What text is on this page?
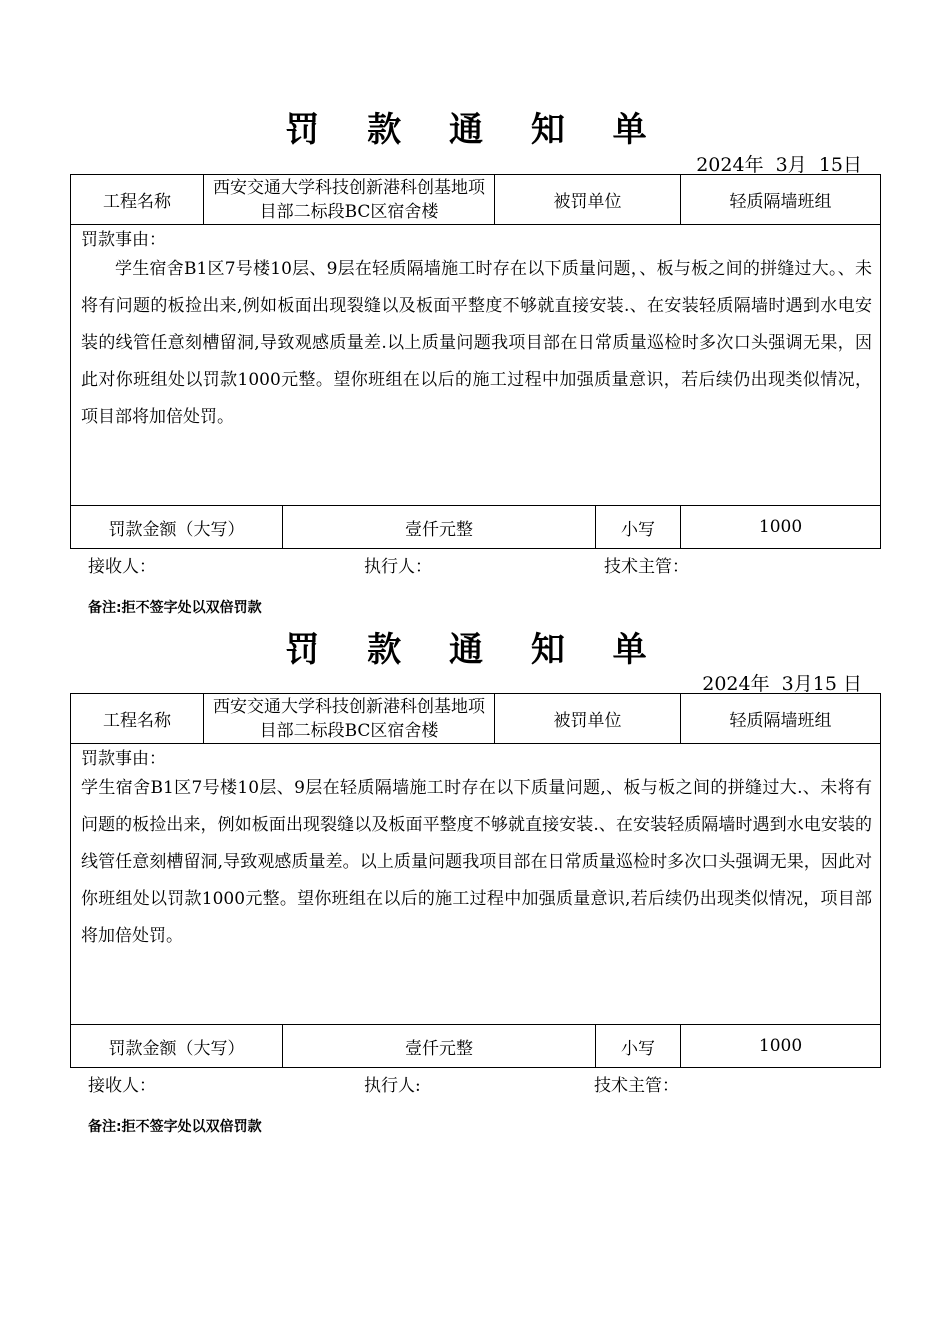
罚 款 通 知 单
2024年  3月  15日
工程名称	西安交通大学科技创新港科创基地项目部二标段BC区宿舍楼		被罚单位		轻质隔墙班组

罚款事由：
学生宿舍B1区7号楼10层、9层在轻质隔墙施工时存在以下质量问题，、板与板之间的拼缝过大。、未将有问题的板捡出来,例如板面出现裂缝以及板面平整度不够就直接安装.、在安装轻质隔墙时遇到水电安装的线管任意刻槽留洞,导致观感质量差.以上质量问题我项目部在日常质量巡检时多次口头强调无果，因此对你班组处以罚款1000元整。望你班组在以后的施工过程中加强质量意识，若后续仍出现类似情况，项目部将加倍处罚。					

罚款金额（大写）		壹仟元整		小写	1000
接收人：	执行人：	技术主管：
备注:拒不签字处以双倍罚款
罚 款 通 知 单
2024年  3月15 日
工程名称	西安交通大学科技创新港科创基地项目部二标段BC区宿舍楼		被罚单位		轻质隔墙班组

罚款事由：
学生宿舍B1区7号楼10层、9层在轻质隔墙施工时存在以下质量问题,、板与板之间的拼缝过大.、未将有问题的板捡出来，例如板面出现裂缝以及板面平整度不够就直接安装.、在安装轻质隔墙时遇到水电安装的线管任意刻槽留洞,导致观感质量差。以上质量问题我项目部在日常质量巡检时多次口头强调无果，因此对你班组处以罚款1000元整。望你班组在以后的施工过程中加强质量意识,若后续仍出现类似情况，项目部将加倍处罚。					

罚款金额（大写）		壹仟元整		小写	1000
接收人：	执行人:	技术主管：
备注:拒不签字处以双倍罚款
